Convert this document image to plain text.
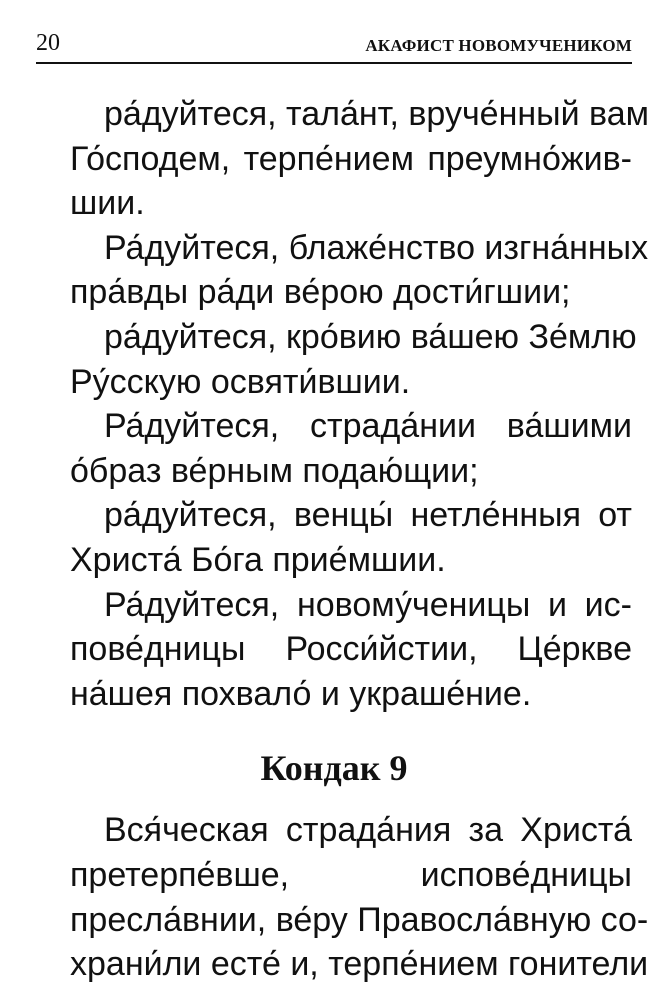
20	АКАФИСТ НОВОМУЧЕНИКОМ

ра́дуйтеся, тала́нт, вруче́нный вам
Го́сподем, терпе́нием преумно́жив-
шии.

Ра́дуйтеся, блаже́нство изгна́нных
пра́вды ра́ди ве́рою дости́гшии;

ра́дуйтеся, кро́вию ва́шею Зе́млю
Ру́сскую освяти́вшии.

Ра́дуйтеся, страда́нии ва́шими
о́браз ве́рным подаю́щии;

ра́дуйтеся, венцы́ нетле́нныя от
Христа́ Бо́га прие́мшии.

Ра́дуйтеся, новому́ченицы и ис-
пове́дницы Росси́йстии, Це́ркве
на́шея похвало́ и украше́ние.

Кондак 9

Вся́ческая страда́ния за Христа́
претерпе́вше, испове́дницы
пресла́внии, ве́ру Правосла́вную со-
храни́ли есте́ и, терпе́нием гонители
